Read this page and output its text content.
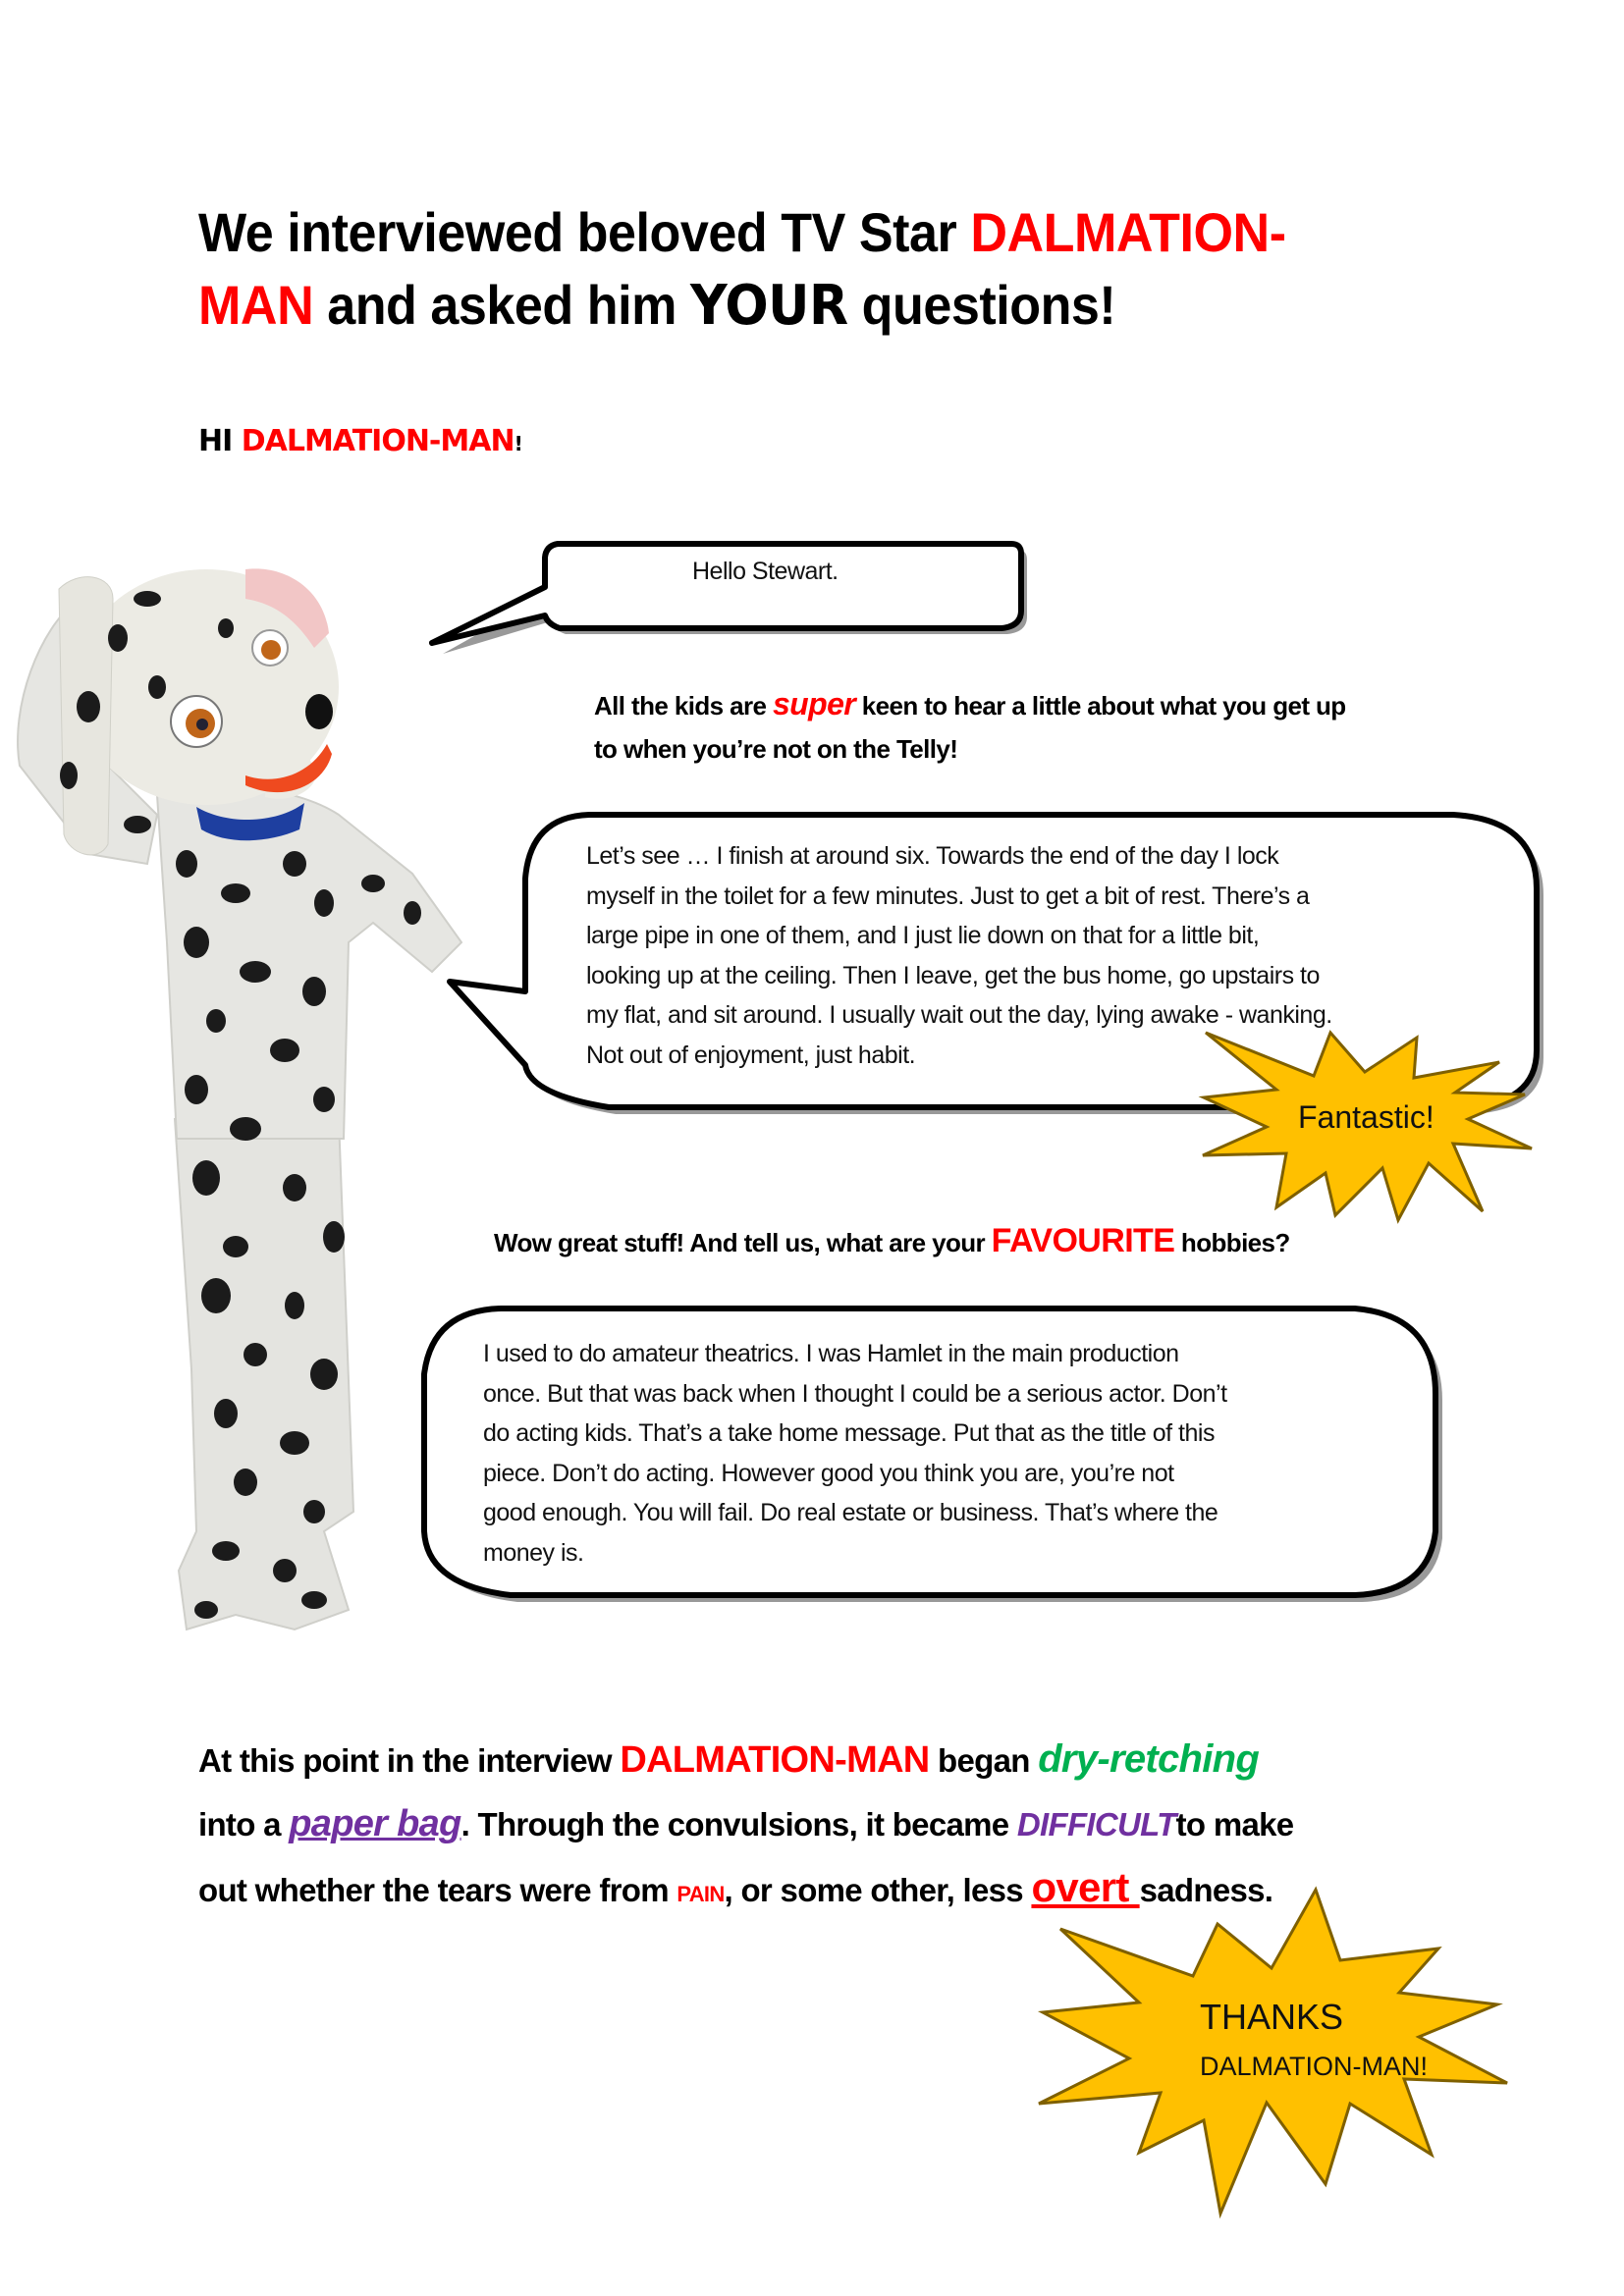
We interviewed beloved TV Star DALMATION-
MAN and asked him YOUR questions!
HI DALMATION-MAN!
Hello Stewart.
Let’s see … I finish at around six. Towards the end of the day I lock
myself in the toilet for a few minutes. Just to get a bit of rest. There’s a
large pipe in one of them, and I just lie down on that for a little bit,
looking up at the ceiling. Then I leave, get the bus home, go upstairs to
my flat, and sit around. I usually wait out the day, lying awake - wanking.
Not out of enjoyment, just habit.
I used to do amateur theatrics. I was Hamlet in the main production
once. But that was back when I thought I could be a serious actor. Don’t
do acting kids. That’s a take home message. Put that as the title of this
piece. Don’t do acting. However good you think you are, you’re not
good enough. You will fail. Do real estate or business. That’s where the
money is.
All the kids are super keen to hear a little about what you get up
to when you’re not on the Telly!
Wow great stuff! And tell us, what are your FAVOURITE hobbies?
Fantastic!
THANKS
DALMATION-MAN!
At this point in the interview DALMATION-MAN began dry-retching
into a paper bag. Through the convulsions, it became DIFFICULTto make
out whether the tears were from PAIN, or some other, less overt sadness.
